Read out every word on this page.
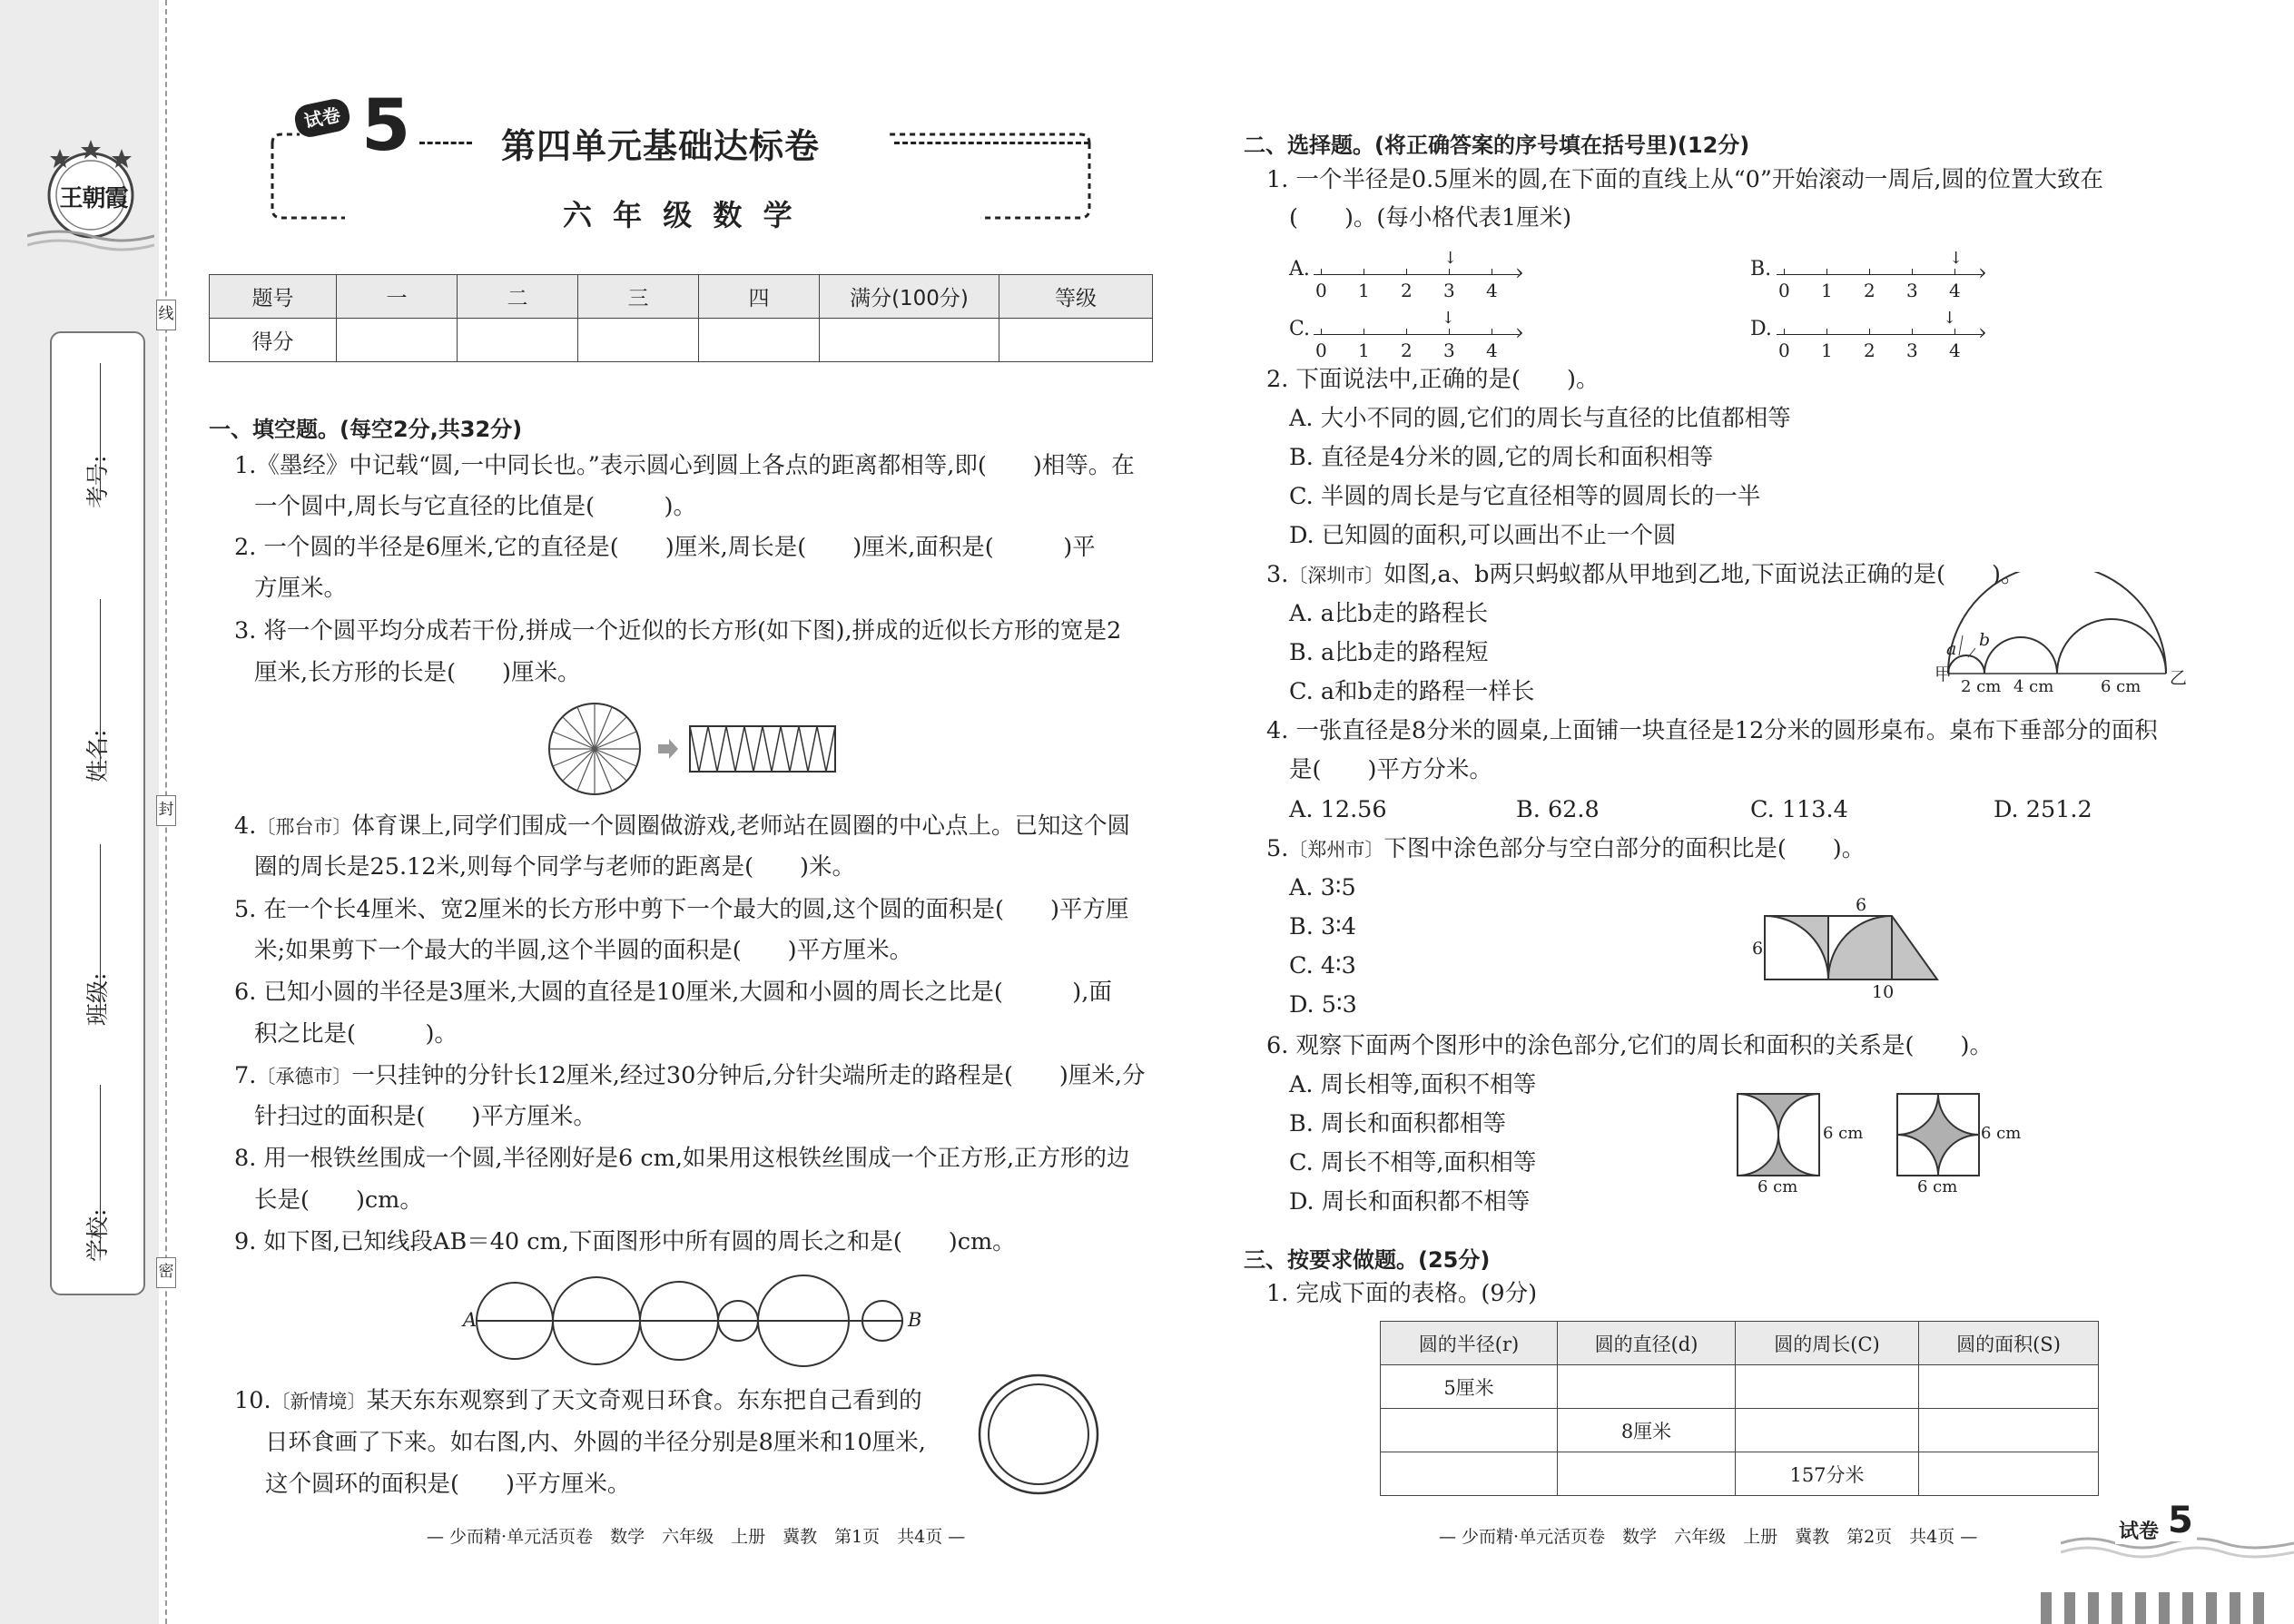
线
封
密
王朝霞
考号:
姓名:
班级:
学校:
试卷 5	第四单元基础达标卷
六 年 级 数 学
题号	一	二	三	四	满分(100分)	等级
得分						
一、填空题。(每空2分,共32分)
1.《墨经》中记载“圆,一中同长也。”表示圆心到圆上各点的距离都相等,即(　　)相等。在
一个圆中,周长与它直径的比值是(　　　)。
2. 一个圆的半径是6厘米,它的直径是(　　)厘米,周长是(　　)厘米,面积是(　　　)平
方厘米。
3. 将一个圆平均分成若干份,拼成一个近似的长方形(如下图),拼成的近似长方形的宽是2
厘米,长方形的长是(　　)厘米。
4.〔邢台市〕体育课上,同学们围成一个圆圈做游戏,老师站在圆圈的中心点上。已知这个圆
圈的周长是25.12米,则每个同学与老师的距离是(　　)米。
5. 在一个长4厘米、宽2厘米的长方形中剪下一个最大的圆,这个圆的面积是(　　)平方厘
米;如果剪下一个最大的半圆,这个半圆的面积是(　　)平方厘米。
6. 已知小圆的半径是3厘米,大圆的直径是10厘米,大圆和小圆的周长之比是(　　　),面
积之比是(　　　)。
7.〔承德市〕一只挂钟的分针长12厘米,经过30分钟后,分针尖端所走的路程是(　　)厘米,分
针扫过的面积是(　　)平方厘米。
8. 用一根铁丝围成一个圆,半径刚好是6 cm,如果用这根铁丝围成一个正方形,正方形的边
长是(　　)cm。
9. 如下图,已知线段AB＝40 cm,下面图形中所有圆的周长之和是(　　)cm。
A	B
10.〔新情境〕某天东东观察到了天文奇观日环食。东东把自己看到的
日环食画了下来。如右图,内、外圆的半径分别是8厘米和10厘米,
这个圆环的面积是(　　)平方厘米。
— 少而精·单元活页卷　数学　六年级　上册　冀教　第1页　共4页 —
二、选择题。(将正确答案的序号填在括号里)(12分)
1. 一个半径是0.5厘米的圆,在下面的直线上从“0”开始滚动一周后,圆的位置大致在
(　　)。(每小格代表1厘米)
A.	B.
C.	D.
›
0 1 2 3 4
↓
›
0 1 2 3 4
↓
›
0 1 2 3 4
↓
›
0 1 2 3 4
↓
2. 下面说法中,正确的是(　　)。
A. 大小不同的圆,它们的周长与直径的比值都相等
B. 直径是4分米的圆,它的周长和面积相等
C. 半圆的周长是与它直径相等的圆周长的一半
D. 已知圆的面积,可以画出不止一个圆
3.〔深圳市〕如图,a、b两只蚂蚁都从甲地到乙地,下面说法正确的是(　　)。
A. a比b走的路程长
B. a比b走的路程短
C. a和b走的路程一样长
a b
甲	乙
2 cm 4 cm	6 cm
4. 一张直径是8分米的圆桌,上面铺一块直径是12分米的圆形桌布。桌布下垂部分的面积
是(　　)平方分米。
A. 12.56	B. 62.8	C. 113.4	D. 251.2
5.〔郑州市〕下图中涂色部分与空白部分的面积比是(　　)。
A. 3∶5
B. 3∶4
C. 4∶3
D. 5∶3
6
6
10
6. 观察下面两个图形中的涂色部分,它们的周长和面积的关系是(　　)。
A. 周长相等,面积不相等
B. 周长和面积都相等
C. 周长不相等,面积相等
D. 周长和面积都不相等
6 cm
6 cm
6 cm
6 cm
三、按要求做题。(25分)
1. 完成下面的表格。(9分)
圆的半径(r)	圆的直径(d)	圆的周长(C)	圆的面积(S)
5厘米			
	8厘米		
		157分米	
— 少而精·单元活页卷　数学　六年级　上册　冀教　第2页　共4页 —	试卷 5
